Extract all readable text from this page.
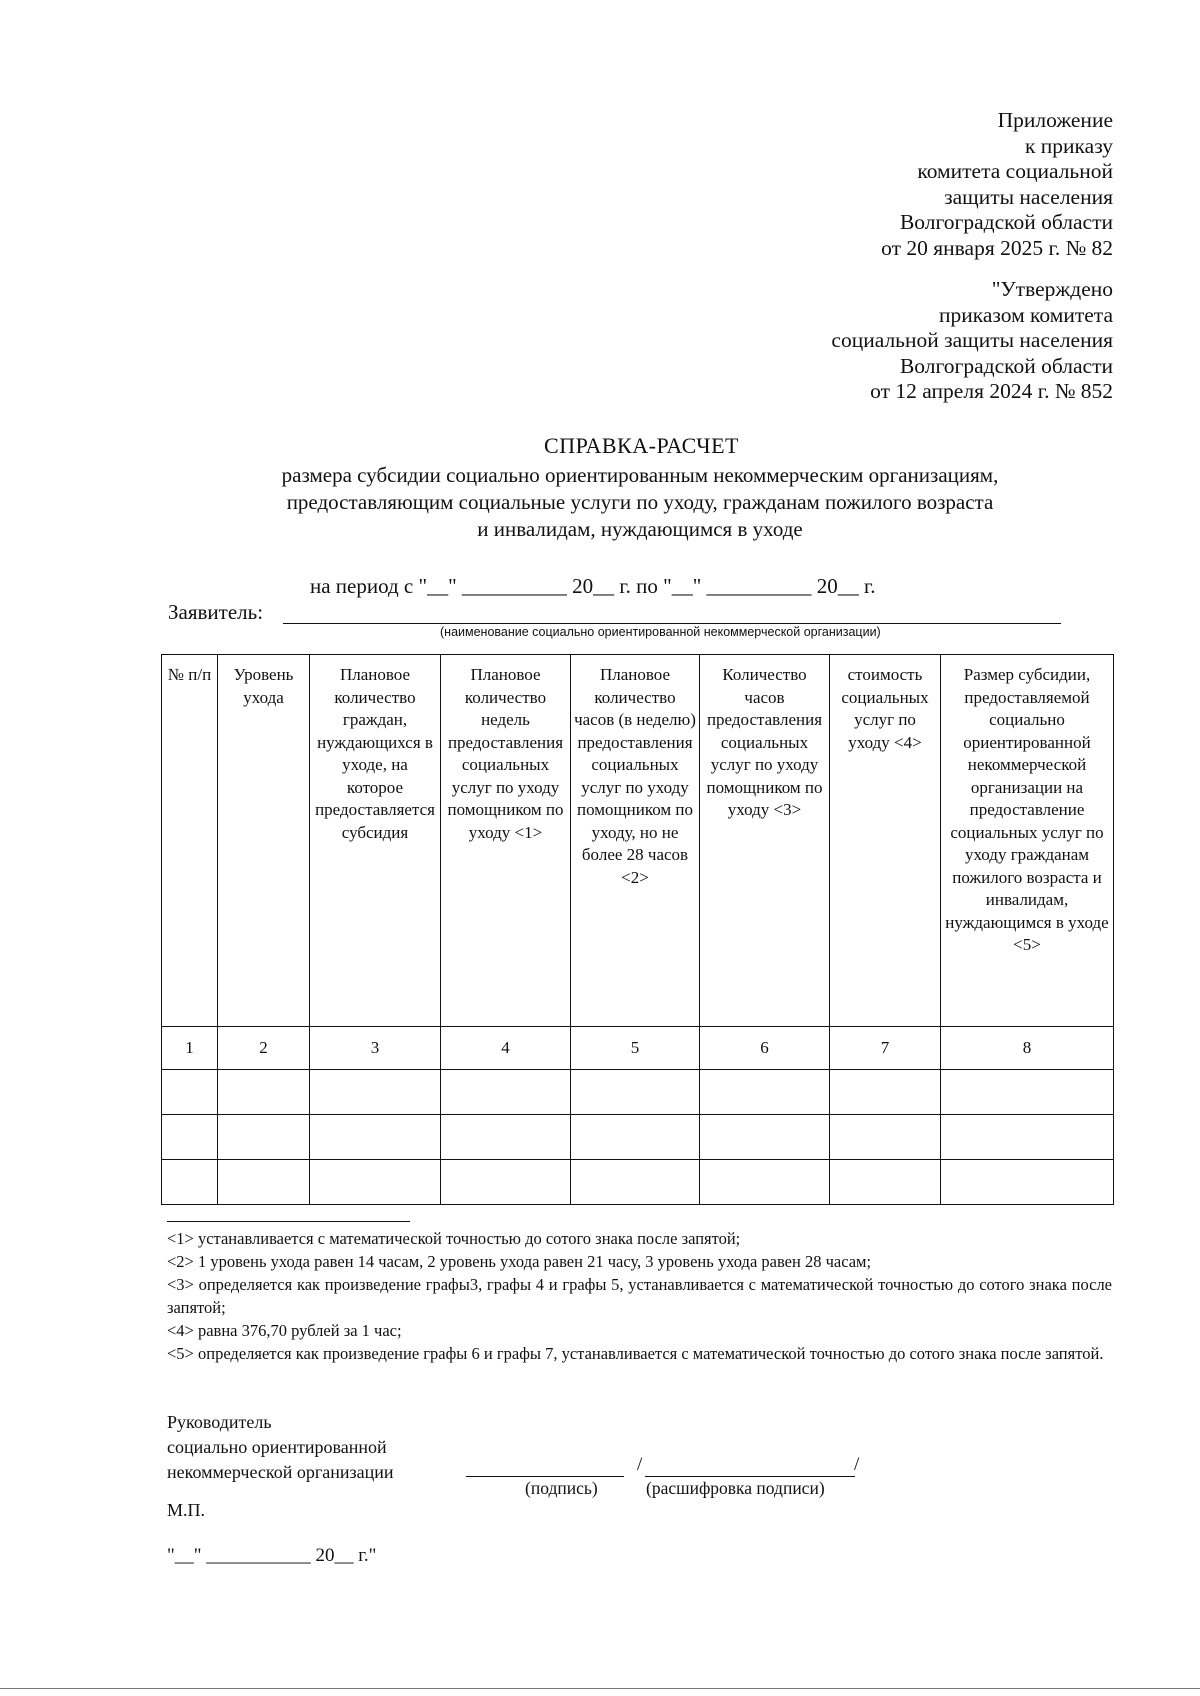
Приложение
к приказу
комитета социальной
защиты населения
Волгоградской области
от 20 января 2025 г. № 82
"Утверждено
приказом комитета
социальной защиты населения
Волгоградской области
от 12 апреля 2024 г. № 852
СПРАВКА-РАСЧЕТ
размера субсидии социально ориентированным некоммерческим организациям,
предоставляющим социальные услуги по уходу, гражданам пожилого возраста
и инвалидам, нуждающимся в уходе
на период с "__" __________ 20__ г. по "__" __________ 20__ г.
Заявитель:
(наименование социально ориентированной некоммерческой организации)
№ п/п	Уровень ухода	Плановое количество граждан, нуждающихся в уходе, на которое предоставляется субсидия	Плановое количество недель предоставления социальных услуг по уходу помощником по уходу <1>	Плановое количество часов (в неделю) предоставления социальных услуг по уходу помощником по уходу, но не более 28 часов <2>	Количество часов предоставления социальных услуг по уходу помощником по уходу <3>	стоимость социальных услуг по уходу <4>	Размер субсидии, предоставляемой социально ориентированной некоммерческой организации на предоставление социальных услуг по уходу гражданам пожилого возраста и инвалидам, нуждающимся в уходе <5>
1	2	3	4	5	6	7	8

<1> устанавливается с математической точностью до сотого знака после запятой;

<2> 1 уровень ухода равен 14 часам, 2 уровень ухода равен 21 часу, 3 уровень ухода равен 28 часам;

<3> определяется как произведение графы3, графы 4 и графы 5, устанавливается с математической точностью до сотого знака после запятой;

<4> равна 376,70 рублей за 1 час;

<5> определяется как произведение графы 6 и графы 7, устанавливается с математической точностью до сотого знака после запятой.

Руководитель
социально ориентированной
некоммерческой организации	/	/
(подпись)	(расшифровка подписи)
М.П.
"__" ___________ 20__ г."
